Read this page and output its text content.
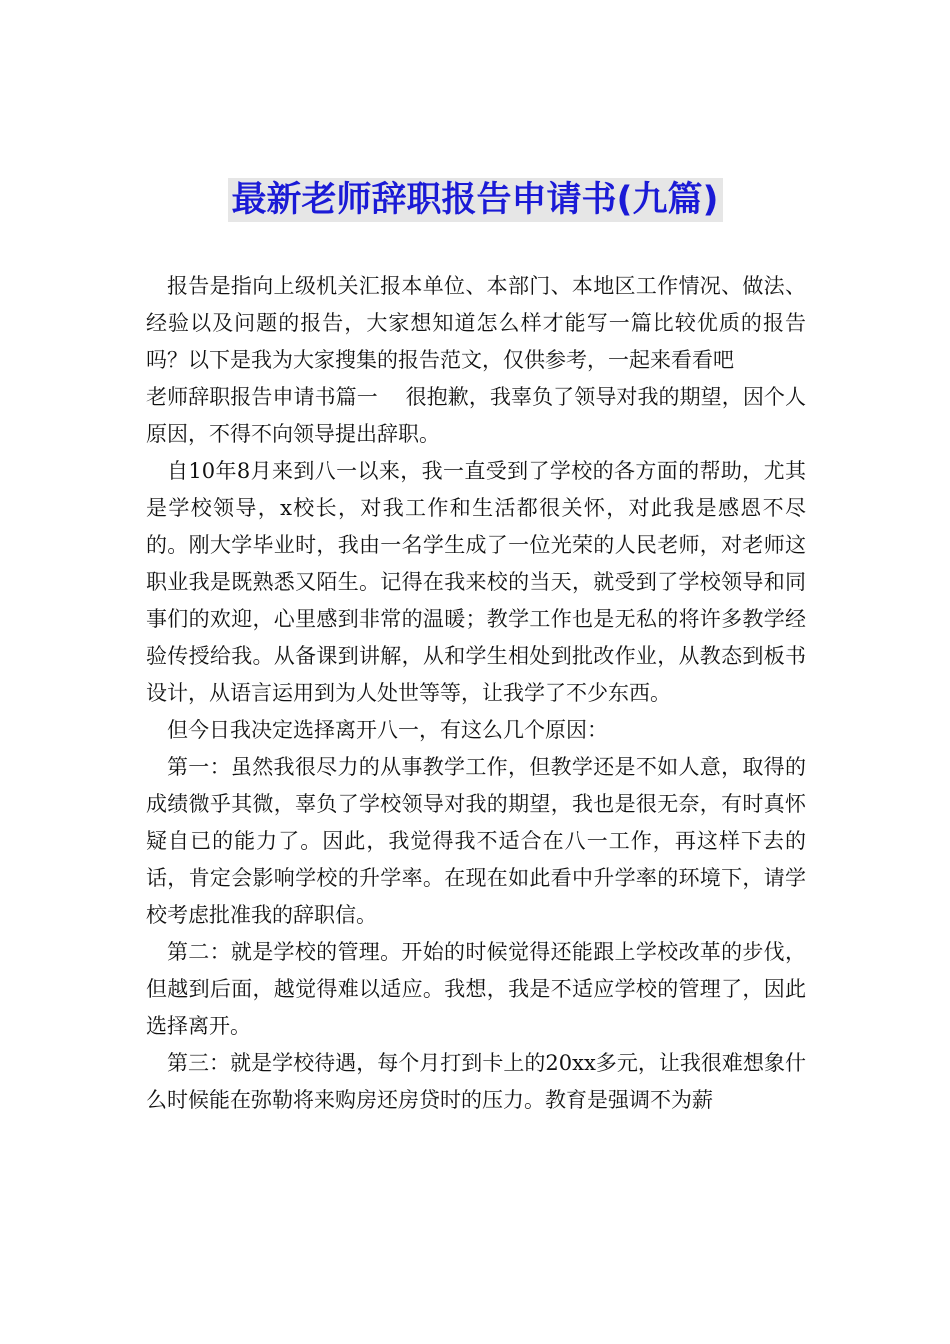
最新老师辞职报告申请书(九篇)

报告是指向上级机关汇报本单位、本部门、本地区工作情况、做法、经验以及问题的报告，大家想知道怎么样才能写一篇比较优质的报告吗？以下是我为大家搜集的报告范文，仅供参考，一起来看看吧

老师辞职报告申请书篇一　 很抱歉，我辜负了领导对我的期望，因个人原因，不得不向领导提出辞职。

自10年8月来到八一以来，我一直受到了学校的各方面的帮助，尤其是学校领导，x校长，对我工作和生活都很关怀，对此我是感恩不尽的。刚大学毕业时，我由一名学生成了一位光荣的人民老师，对老师这职业我是既熟悉又陌生。记得在我来校的当天，就受到了学校领导和同事们的欢迎，心里感到非常的温暖；教学工作也是无私的将许多教学经验传授给我。从备课到讲解，从和学生相处到批改作业，从教态到板书设计，从语言运用到为人处世等等，让我学了不少东西。

但今日我决定选择离开八一，有这么几个原因：

第一：虽然我很尽力的从事教学工作，但教学还是不如人意，取得的成绩微乎其微，辜负了学校领导对我的期望，我也是很无奈，有时真怀疑自已的能力了。因此，我觉得我不适合在八一工作，再这样下去的话，肯定会影响学校的升学率。在现在如此看中升学率的环境下，请学校考虑批准我的辞职信。

第二：就是学校的管理。开始的时候觉得还能跟上学校改革的步伐，但越到后面，越觉得难以适应。我想，我是不适应学校的管理了，因此选择离开。

第三：就是学校待遇，每个月打到卡上的20xx多元，让我很难想象什么时候能在弥勒将来购房还房贷时的压力。教育是强调不为薪
